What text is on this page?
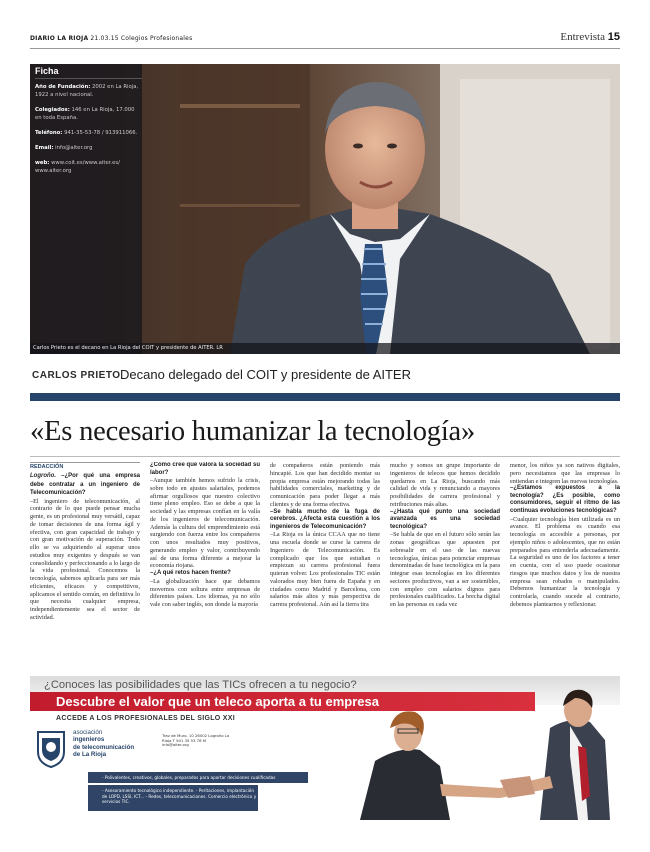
DIARIO LA RIOJA 21.03.15 Colegios Profesionales	Entrevista 15
Ficha

Año de Fundación: 2002 en La Rioja, 1922 a nivel nacional.

Colegiados: 146 en La Rioja, 17.000 en toda España.

Teléfono: 941-35-53-78 / 913911066.

Email: info@aiter.org

web: www.coit.es/www.aiter.es/ www.aiter.org

Carlos Prieto es el decano en La Rioja del COIT y presidente de AITER. LR
CARLOS PRIETO Decano delegado del COIT y presidente de AITER
«Es necesario humanizar la tecnología»
REDACCIÓN
Logroño. –¿Por qué una empresa debe contratar a un ingeniero de Telecomunicación?
–El ingeniero de telecomunicación, al contrario de lo que puede pensar mucha gente, es un profesional muy versátil, capaz de tomar decisiones de una forma ágil y efectiva, con gran capacidad de trabajo y con gran motivación de superación. Todo ello se va adquiriendo al superar unos estudios muy exigentes y después se van consolidando y perfeccionando a lo largo de la vida profesional. Conocemos la tecnología, sabemos aplicarla para ser más eficientes, eficaces y competitivos, aplicamos el sentido común, en definitiva lo que necesita cualquier empresa, independientemente sea el sector de actividad.
¿Cómo cree que valora la sociedad su labor?
–Aunque también hemos sufrido la crisis, sobre todo en ajustes salariales, podemos afirmar orgullosos que nuestro colectivo tiene pleno empleo. Eso se debe a que la sociedad y las empresas confían en la valía de los ingenieros de telecomunicación. Además la cultura del emprendimiento está surgiendo con fuerza entre los compañeros con unos resultados muy positivos, generando empleo y valor, contribuyendo así de una forma diferente a mejorar la economía riojana.
–¿A qué retos hacen frente?
–La globalización hace que debamos movernos con soltura entre empresas de diferentes países. Los idiomas, ya no sólo vale con saber inglés, son donde la mayoría
de compañeros están poniendo más hincapié. Los que han decidido montar su propia empresa están mejorando todas las habilidades comerciales, marketing y de comunicación para poder llegar a más clientes y de una forma efectiva.
–Se habla mucho de la fuga de cerebros. ¿Afecta esta cuestión a los ingenieros de Telecomunicación?
–La Rioja es la única CCAA que no tiene una escuela donde se curse la carrera de Ingeniero de Telecomunicación. Es complicado que los que estudian o empiezan su carrera profesional fuera quieran volver. Los profesionales TIC están valorados muy bien fuera de España y en ciudades como Madrid y Barcelona, con salarios más altos y más perspectiva de carrera profesional. Aún así la tierra tira
mucho y somos un grupe importante de ingenieros de telecos que hemos decidido quedarnos en La Rioja, buscando más calidad de vida y renunciando a mayores posibilidades de carrera profesional y retribuciones más altas.
–¿Hasta qué punto una sociedad avanzada es una sociedad tecnológica?
–Se habla de que en el futuro sólo serán las zonas geográficas que apuesten por sobresalir en el uso de las nuevas tecnologías, únicas para potenciar empresas denominadas de base tecnológica en la para integrar esas tecnologías en los diferentes sectores productivos, van a ser sostenibles, con empleo con salarios dignos para profesionales cualificados. La brecha digital en las personas es cada vez
menor, los niños ya son nativos digitales, pero necesitamos que las empresas lo entiendan e integren las nuevas tecnologías.
–¿Estamos expuestos a la tecnología? ¿Es posible, como consumidores, seguir el ritmo de las continuas evoluciones tecnológicas?
–Cualquier tecnología bien utilizada es un avance. El problema es cuando esa tecnología es accesible a personas, por ejemplo niños o adolescentes, que no están preparados para entenderla adecuadamente. La seguridad es uno de los factores a tener en cuenta, con el uso puede ocasionar riesgos que muchos datos y los de nuestra empresa sean robados o manipulados. Debemos humanizar la tecnología y controlarla, cuando sucede al contrario, debemos plantearnos y reflexionar.
¿Conoces las posibilidades que las TICs ofrecen a tu negocio?
Descubre el valor que un teleco aporta a tu empresa
ACCEDE A LOS PROFESIONALES DEL SIGLO XXI
asociación
ingenieros
de telecomunicación
de La Rioja
Trav de Muro, 10 26002 Logroño La Rioja T 941 35 53 78 M info@aiter.org
- Polivalentes, creativos, globales, preparados para aportar decisiones cualificadas
- Asesoramiento tecnológico independiente. - Peritaciones, implantación de LOPD, LSSI, ICT... - Redes, telecomunicaciones. Comercio electrónico y servicios TIC.
